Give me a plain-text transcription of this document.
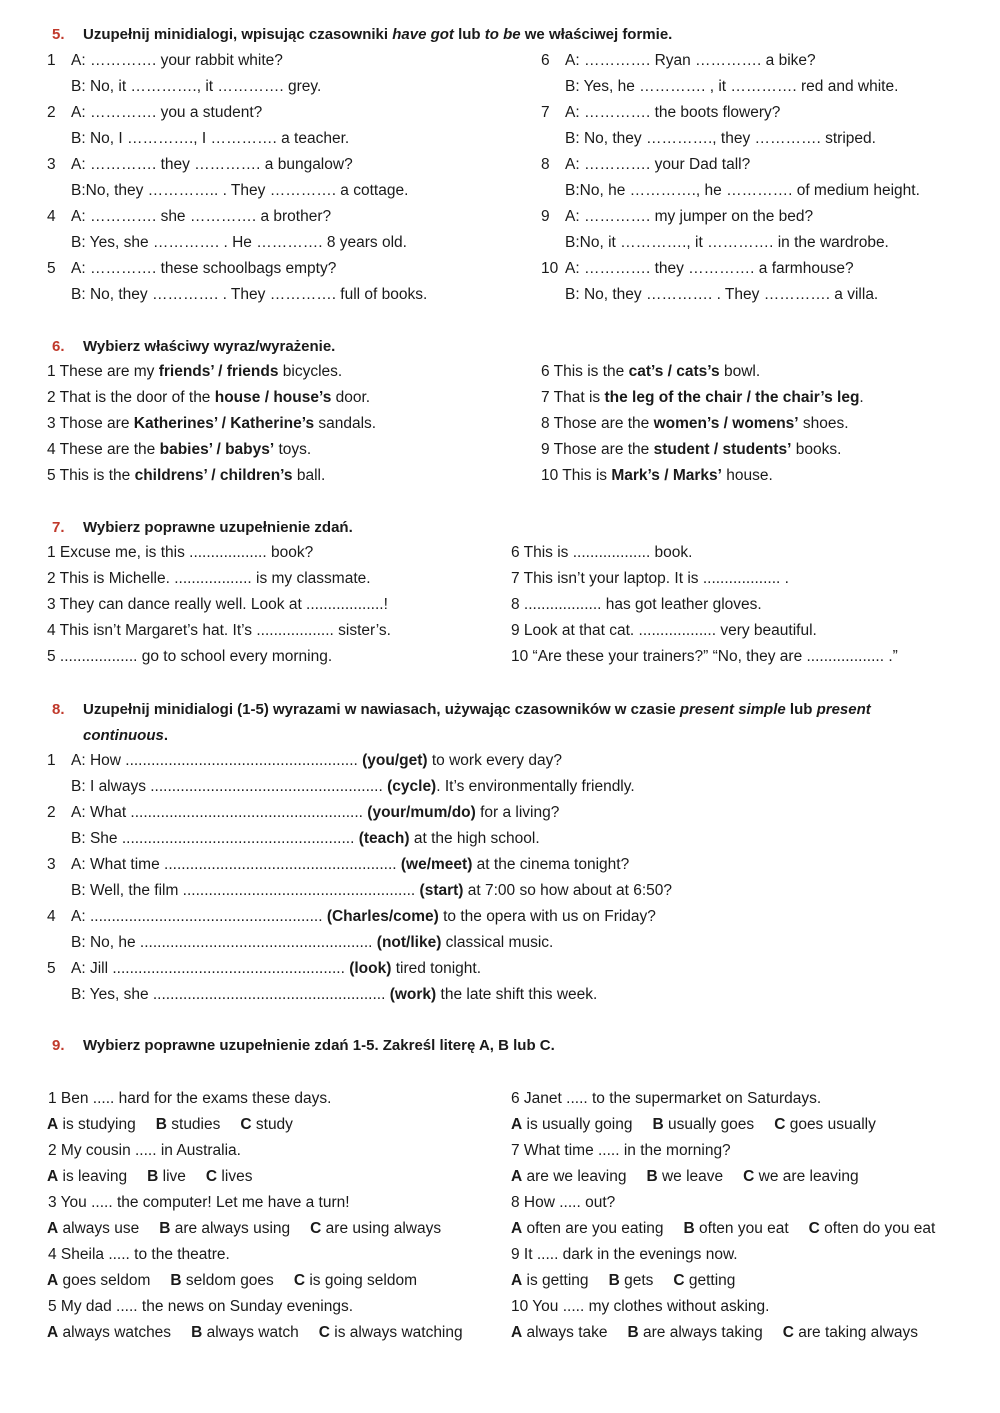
5. Uzupełnij minidialogi, wpisując czasowniki have got lub to be we właściwej formie.
1 A: …………. your rabbit white?
B: No, it …………., it …………. grey.
2 A: …………. you a student?
B: No, I …………., I …………. a teacher.
3 A: …………. they …………. a bungalow?
B:No, they ………….. . They …………. a cottage.
4 A: …………. she …………. a brother?
B: Yes, she …………. . He …………. 8 years old.
5 A: …………. these schoolbags empty?
B: No, they …………. . They …………. full of books.
6 A: …………. Ryan …………. a bike?
B: Yes, he …………. , it …………. red and white.
7 A: …………. the boots flowery?
B: No, they …………., they …………. striped.
8 A: …………. your Dad tall?
B:No, he …………., he …………. of medium height.
9 A: …………. my jumper on the bed?
B:No, it …………., it …………. in the wardrobe.
10 A: …………. they …………. a farmhouse?
B: No, they …………. . They …………. a villa.
6. Wybierz właściwy wyraz/wyrażenie.
1 These are my friends’ / friends bicycles.
2 That is the door of the house / house’s door.
3 Those are Katherines’ / Katherine’s sandals.
4 These are the babies’ / babys’ toys.
5 This is the childrens’ / children’s ball.
6 This is the cat’s / cats’s bowl.
7 That is the leg of the chair / the chair’s leg.
8 Those are the women’s / womens’ shoes.
9 Those are the student / students’ books.
10 This is Mark’s / Marks’ house.
7. Wybierz poprawne uzupełnienie zdań.
1 Excuse me, is this .................. book?
2 This is Michelle. .................. is my classmate.
3 They can dance really well. Look at ..................!
4 This isn’t Margaret’s hat. It’s .................. sister’s.
5 .................. go to school every morning.
6 This is .................. book.
7 This isn’t your laptop. It is .................. .
8 .................. has got leather gloves.
9 Look at that cat. .................. very beautiful.
10 “Are these your trainers?” “No, they are .................. .”
8. Uzupełnij minidialogi (1-5) wyrazami w nawiasach, używając czasowników w czasie present simple lub present
continuous.
1 A: How ...................................................... (you/get) to work every day?
B: I always ...................................................... (cycle). It’s environmentally friendly.
2 A: What ...................................................... (your/mum/do) for a living?
B: She ...................................................... (teach) at the high school.
3 A: What time ...................................................... (we/meet) at the cinema tonight?
B: Well, the film ...................................................... (start) at 7:00 so how about at 6:50?
4 A: ...................................................... (Charles/come) to the opera with us on Friday?
B: No, he ...................................................... (not/like) classical music.
5 A: Jill ...................................................... (look) tired tonight.
B: Yes, she ...................................................... (work) the late shift this week.
9. Wybierz poprawne uzupełnienie zdań 1-5. Zakreśl literę A, B lub C.
1 Ben ..... hard for the exams these days.
A is studying B studies C study
2 My cousin ..... in Australia.
A is leaving B live C lives
3 You ..... the computer! Let me have a turn!
A always use B are always using C are using always
4 Sheila ..... to the theatre.
A goes seldom B seldom goes C is going seldom
5 My dad ..... the news on Sunday evenings.
A always watches B always watch C is always watching
6 Janet ..... to the supermarket on Saturdays.
A is usually going B usually goes C goes usually
7 What time ..... in the morning?
A are we leaving B we leave C we are leaving
8 How ..... out?
A often are you eating B often you eat C often do you eat
9 It ..... dark in the evenings now.
A is getting B gets C getting
10 You ..... my clothes without asking.
A always take B are always taking C are taking always
